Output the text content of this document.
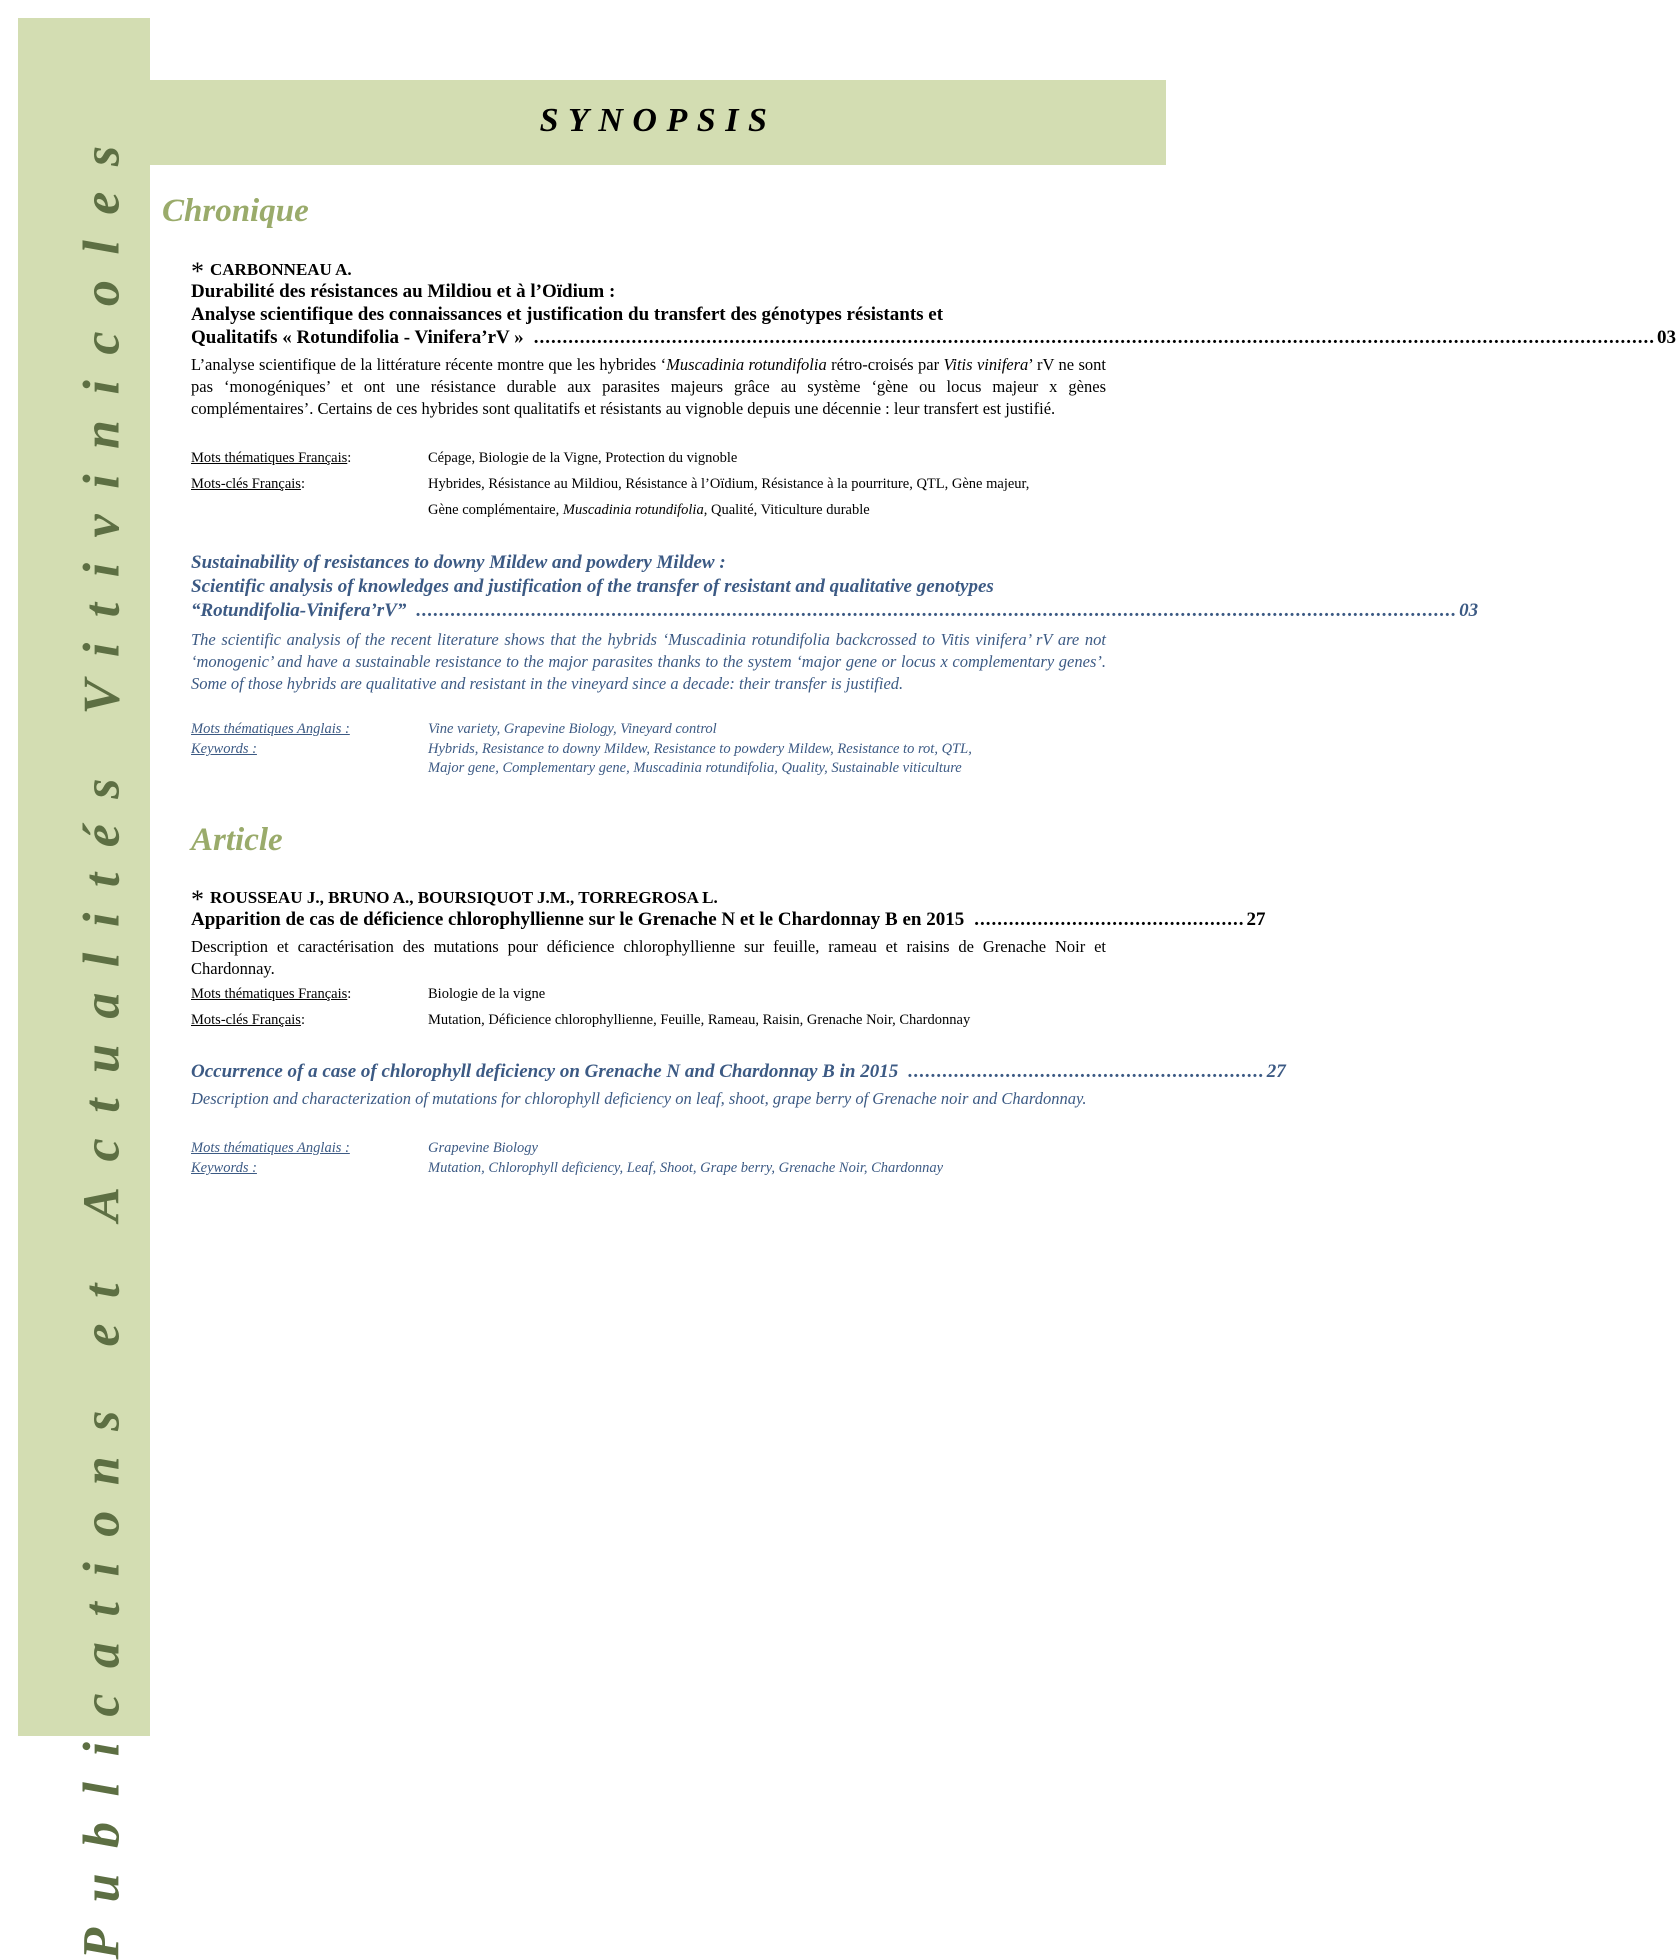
Publications et Actualités Vitivinicoles	SYNOPSIS
Chronique
* CARBONNEAU A.
Durabilité des résistances au Mildiou et à l’Oïdium :
Analyse scientifique des connaissances et justification du transfert des génotypes résistants et
Qualitatifs « Rotundifolia - Vinifera’rV » ................................................................................................................................................................................................... 03
L’analyse scientifique de la littérature récente montre que les hybrides ‘Muscadinia rotundifolia rétro-croisés par Vitis vinifera’ rV ne sont pas ‘monogéniques’ et ont une résistance durable aux parasites majeurs grâce au système ‘gène ou locus majeur x gènes complémentaires’. Certains de ces hybrides sont qualitatifs et résistants au vignoble depuis une décennie : leur transfert est justifié.
Mots thématiques Français:	Cépage, Biologie de la Vigne, Protection du vignoble
Mots-clés Français:	Hybrides, Résistance au Mildiou, Résistance à l’Oïdium, Résistance à la pourriture, QTL, Gène majeur,
Gène complémentaire, Muscadinia rotundifolia, Qualité, Viticulture durable
Sustainability of resistances to downy Mildew and powdery Mildew :
Scientific analysis of knowledges and justification of the transfer of resistant and qualitative genotypes
“Rotundifolia-Vinifera’rV” ..................................................................................................................................................................................... 03
The scientific analysis of the recent literature shows that the hybrids ‘Muscadinia rotundifolia backcrossed to Vitis vinifera’ rV are not ‘monogenic’ and have a sustainable resistance to the major parasites thanks to the system ‘major gene or locus x complementary genes’. Some of those hybrids are qualitative and resistant in the vineyard since a decade: their transfer is justified.
Mots thématiques Anglais :	Vine variety, Grapevine Biology, Vineyard control
Keywords :	Hybrids, Resistance to downy Mildew, Resistance to powdery Mildew, Resistance to rot, QTL,
Major gene, Complementary gene, Muscadinia rotundifolia, Quality, Sustainable viticulture
Article
* ROUSSEAU J., BRUNO A., BOURSIQUOT J.M., TORREGROSA L.
Apparition de cas de déficience chlorophyllienne sur le Grenache N et le Chardonnay B en 2015 ............................................... 27
Description et caractérisation des mutations pour déficience chlorophyllienne sur feuille, rameau et raisins de Grenache Noir et Chardonnay.
Mots thématiques Français:	Biologie de la vigne
Mots-clés Français:	Mutation, Déficience chlorophyllienne, Feuille, Rameau, Raisin, Grenache Noir, Chardonnay
Occurrence of a case of chlorophyll deficiency on Grenache N and Chardonnay B in 2015 .............................................................. 27
Description and characterization of mutations for chlorophyll deficiency on leaf, shoot, grape berry of Grenache noir and Chardonnay.
Mots thématiques Anglais :	Grapevine Biology
Keywords :	Mutation, Chlorophyll deficiency, Leaf, Shoot, Grape berry, Grenache Noir, Chardonnay
